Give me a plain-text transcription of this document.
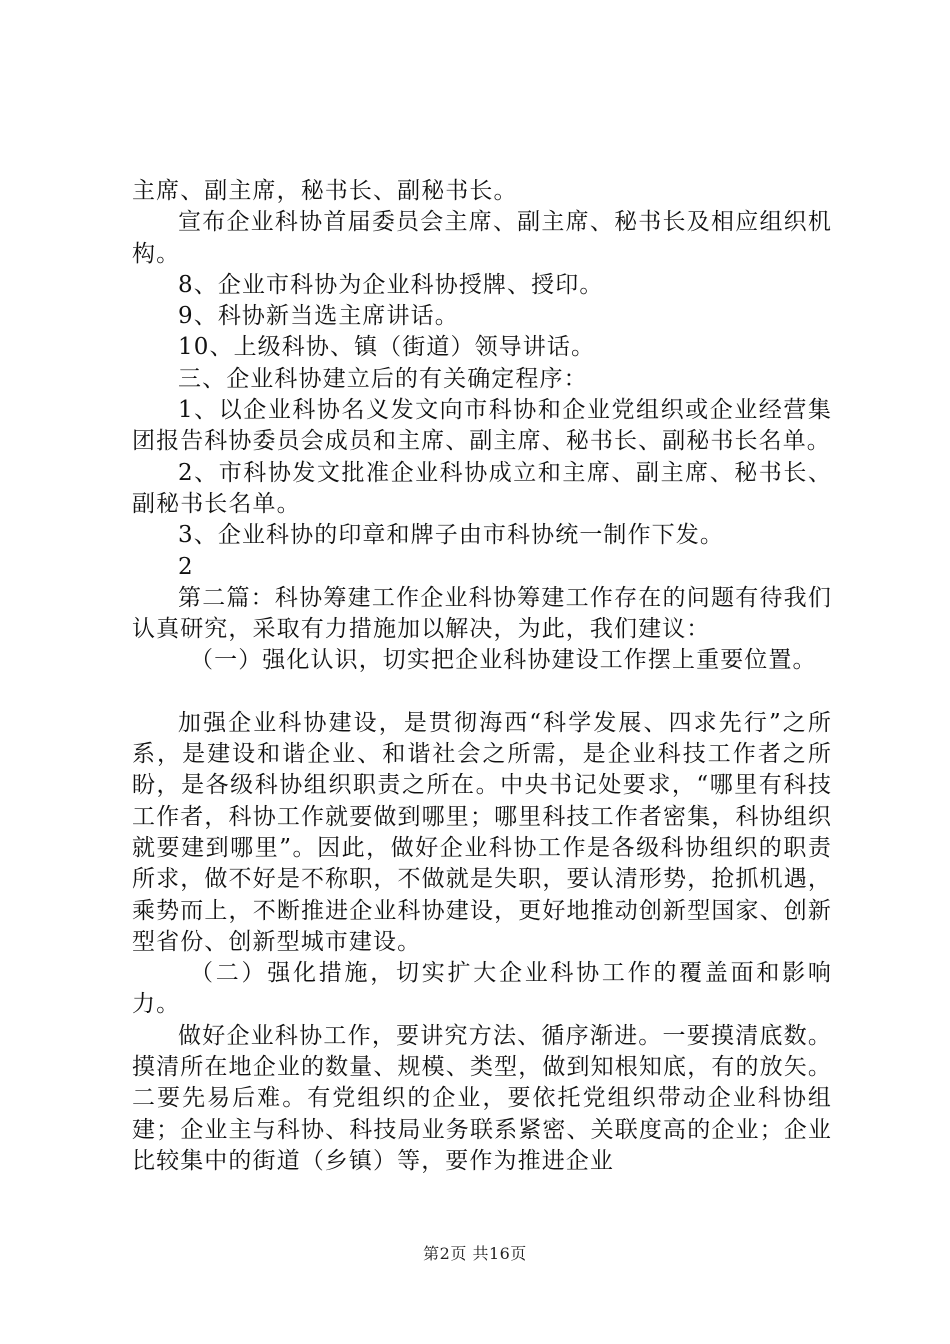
主席、副主席，秘书长、副秘书长。

宣布企业科协首届委员会主席、副主席、秘书长及相应组织机构。

8、企业市科协为企业科协授牌、授印。

9、科协新当选主席讲话。

10、上级科协、镇（街道）领导讲话。

三、企业科协建立后的有关确定程序：

1、以企业科协名义发文向市科协和企业党组织或企业经营集团报告科协委员会成员和主席、副主席、秘书长、副秘书长名单。

2、市科协发文批准企业科协成立和主席、副主席、秘书长、副秘书长名单。

3、企业科协的印章和牌子由市科协统一制作下发。

2

第二篇：科协筹建工作企业科协筹建工作存在的问题有待我们认真研究，采取有力措施加以解决，为此，我们建议：

（一）强化认识，切实把企业科协建设工作摆上重要位置。

加强企业科协建设，是贯彻海西“科学发展、四求先行”之所系，是建设和谐企业、和谐社会之所需，是企业科技工作者之所盼，是各级科协组织职责之所在。中央书记处要求，“哪里有科技工作者，科协工作就要做到哪里；哪里科技工作者密集，科协组织就要建到哪里”。因此，做好企业科协工作是各级科协组织的职责所求，做不好是不称职，不做就是失职，要认清形势，抢抓机遇，乘势而上，不断推进企业科协建设，更好地推动创新型国家、创新型省份、创新型城市建设。

（二）强化措施，切实扩大企业科协工作的覆盖面和影响力。

做好企业科协工作，要讲究方法、循序渐进。一要摸清底数。摸清所在地企业的数量、规模、类型，做到知根知底，有的放矢。二要先易后难。有党组织的企业，要依托党组织带动企业科协组建；企业主与科协、科技局业务联系紧密、关联度高的企业；企业比较集中的街道（乡镇）等，要作为推进企业

第2页 共16页
